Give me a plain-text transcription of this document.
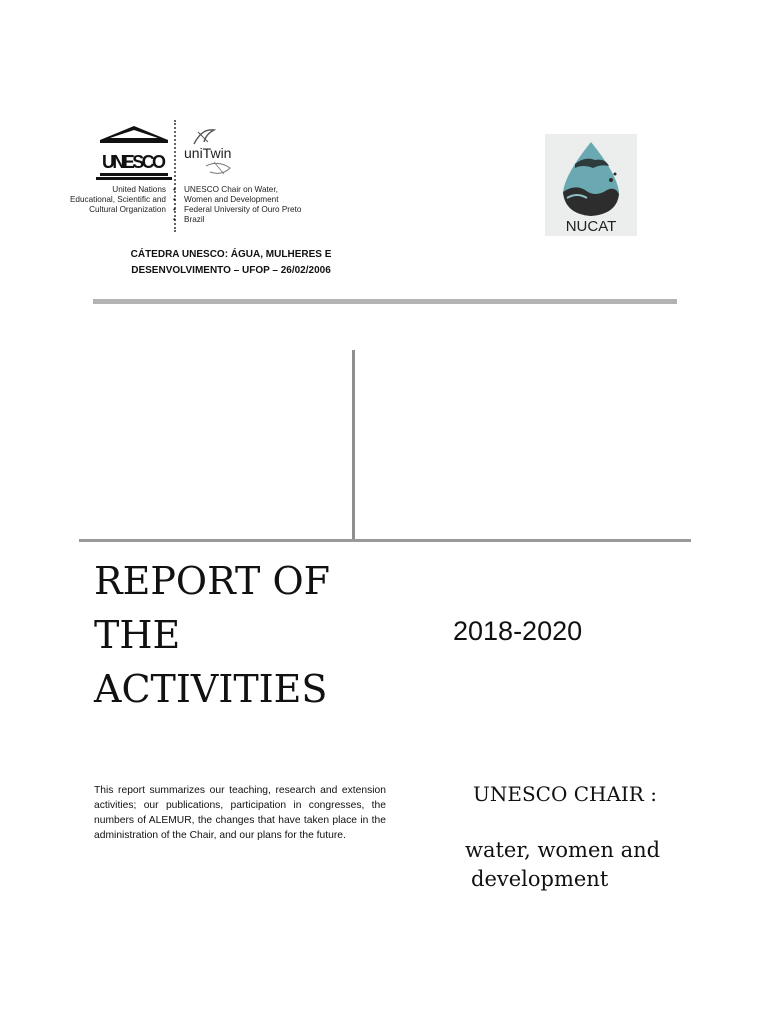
UNESCO
United Nations
Educational, Scientific and
Cultural Organization
uniTwin
• UNESCO Chair on Water,
• Women and Development
• Federal University of Ouro Preto
• Brazil
CÁTEDRA UNESCO: ÁGUA, MULHERES E
DESENVOLVIMENTO – UFOP – 26/02/2006
NUCAT
REPORT OF
THE
ACTIVITIES
2018-2020
This report summarizes our teaching, research and extension activities; our publications, participation in congresses, the numbers of ALEMUR, the changes that have taken place in the administration of the Chair, and our plans for the future.
UNESCO CHAIR :
water, women and
development
